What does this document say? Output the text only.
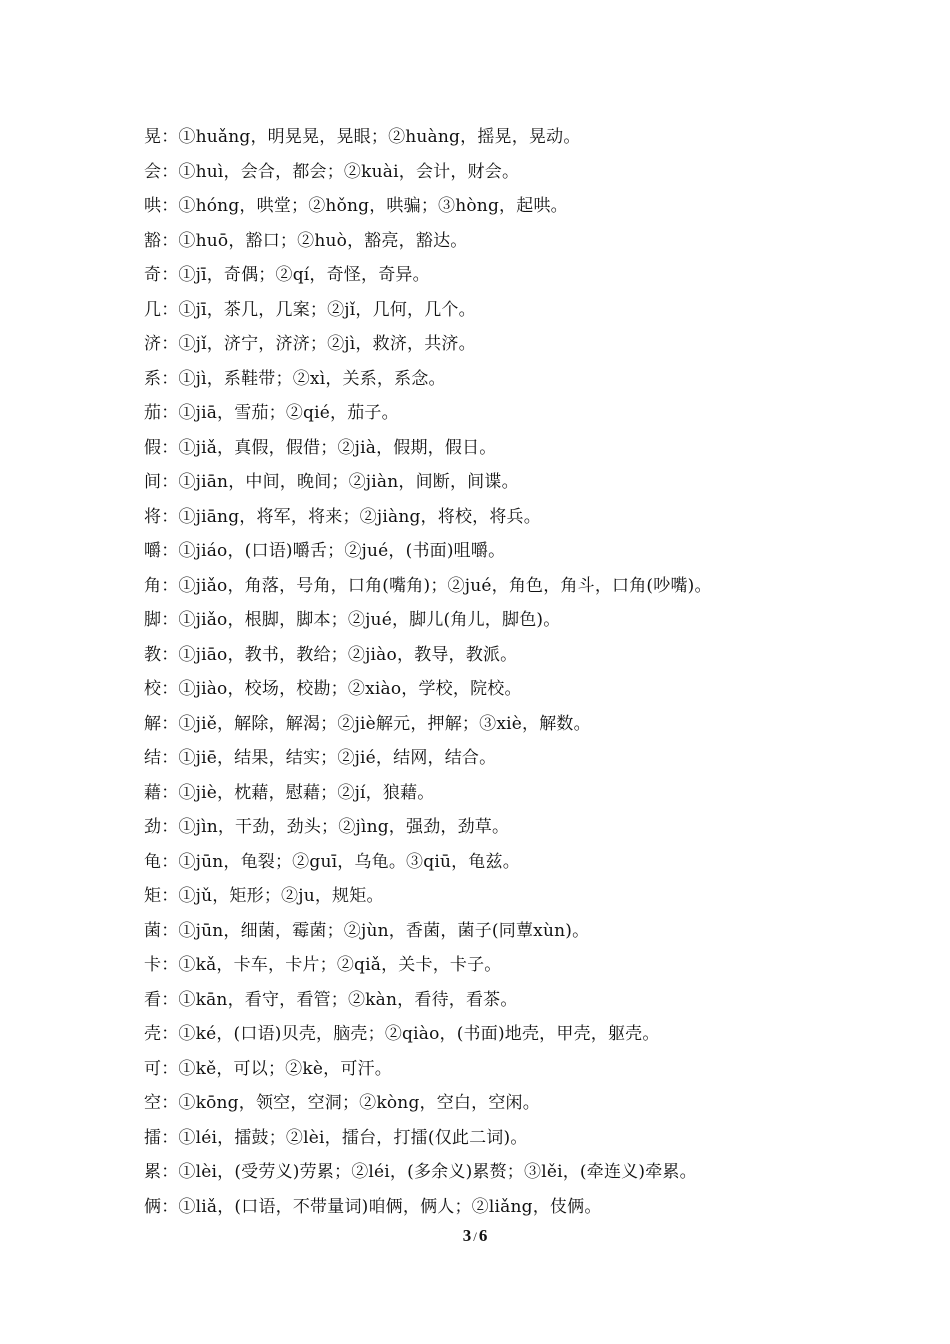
晃：①huǎng，明晃晃，晃眼；②huàng，摇晃，晃动。
会：①huì，会合，都会；②kuài，会计，财会。
哄：①hóng，哄堂；②hǒng，哄骗；③hòng，起哄。
豁：①huō，豁口；②huò，豁亮，豁达。
奇：①jī，奇偶；②qí，奇怪，奇异。
几：①jī，茶几，几案；②jǐ，几何，几个。
济：①jǐ，济宁，济济；②jì，救济，共济。
系：①jì，系鞋带；②xì，关系，系念。
茄：①jiā，雪茄；②qié，茄子。
假：①jiǎ，真假，假借；②jià，假期，假日。
间：①jiān，中间，晚间；②jiàn，间断，间谍。
将：①jiāng，将军，将来；②jiàng，将校，将兵。
嚼：①jiáo，(口语)嚼舌；②jué，(书面)咀嚼。
角：①jiǎo，角落，号角，口角(嘴角)；②jué，角色，角斗，口角(吵嘴)。
脚：①jiǎo，根脚，脚本；②jué，脚儿(角儿，脚色)。
教：①jiāo，教书，教给；②jiào，教导，教派。
校：①jiào，校场，校勘；②xiào，学校，院校。
解：①jiě，解除，解渴；②jiè解元，押解；③xiè，解数。
结：①jiē，结果，结实；②jié，结网，结合。
藉：①jiè，枕藉，慰藉；②jí，狼藉。
劲：①jìn，干劲，劲头；②jìng，强劲，劲草。
龟：①jūn，龟裂；②guī，乌龟。③qiū，龟兹。
矩：①jǔ，矩形；②ju，规矩。
菌：①jūn，细菌，霉菌；②jùn，香菌，菌子(同蕈xùn)。
卡：①kǎ，卡车，卡片；②qiǎ，关卡，卡子。
看：①kān，看守，看管；②kàn，看待，看茶。
壳：①ké，(口语)贝壳，脑壳；②qiào，(书面)地壳，甲壳，躯壳。
可：①kě，可以；②kè，可汗。
空：①kōng，领空，空洞；②kòng，空白，空闲。
擂：①léi，擂鼓；②lèi，擂台，打擂(仅此二词)。
累：①lèi，(受劳义)劳累；②léi，(多余义)累赘；③lěi，(牵连义)牵累。
俩：①liǎ，(口语，不带量词)咱俩，俩人；②liǎng，伎俩。
3 / 6
